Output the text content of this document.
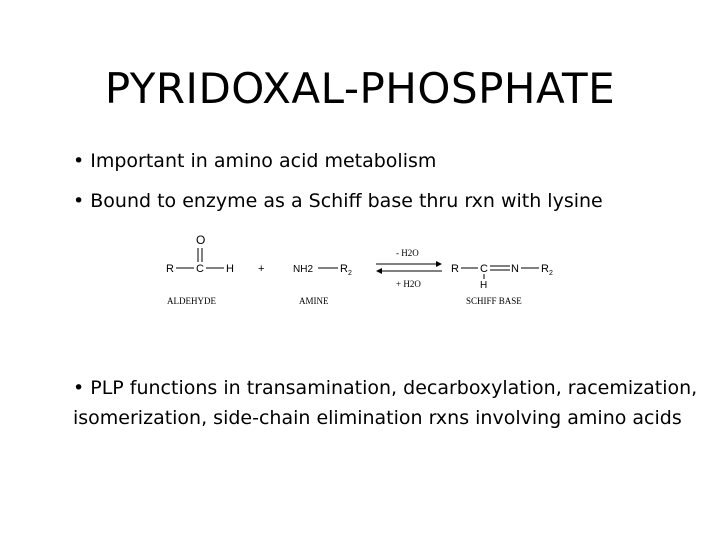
PYRIDOXAL-PHOSPHATE
• Important in amino acid metabolism
• Bound to enzyme as a Schiff base thru rxn with lysine
O
R C H
ALDEHYDE
+	NH2 R 2
AMINE
- H2O
+ H2O
R C N R 2
H
SCHIFF BASE
• PLP functions in transamination, decarboxylation, racemization, isomerization, side-chain elimination rxns involving amino acids
